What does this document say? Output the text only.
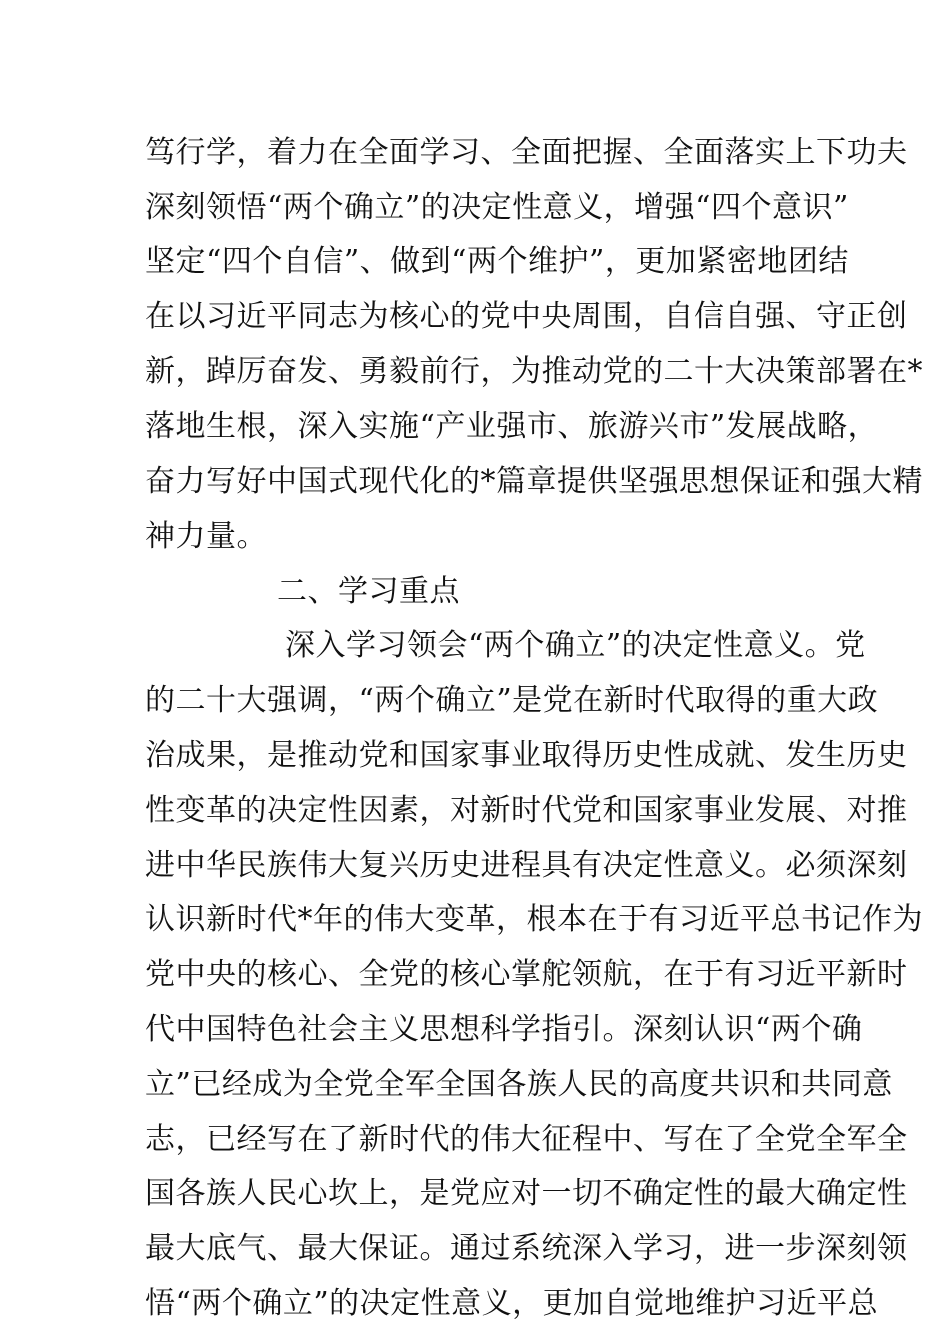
笃行学，着力在全面学习、全面把握、全面落实上下功夫
深刻领悟“两个确立”的决定性意义，增强“四个意识”
坚定“四个自信”、做到“两个维护”，更加紧密地团结
在以习近平同志为核心的党中央周围，自信自强、守正创
新，踔厉奋发、勇毅前行，为推动党的二十大决策部署在*
落地生根，深入实施“产业强市、旅游兴市”发展战略，
奋力写好中国式现代化的*篇章提供坚强思想保证和强大精
神力量。
二、学习重点
深入学习领会“两个确立”的决定性意义。党
的二十大强调，“两个确立”是党在新时代取得的重大政
治成果，是推动党和国家事业取得历史性成就、发生历史
性变革的决定性因素，对新时代党和国家事业发展、对推
进中华民族伟大复兴历史进程具有决定性意义。必须深刻
认识新时代*年的伟大变革，根本在于有习近平总书记作为
党中央的核心、全党的核心掌舵领航，在于有习近平新时
代中国特色社会主义思想科学指引。深刻认识“两个确
立”已经成为全党全军全国各族人民的高度共识和共同意
志，已经写在了新时代的伟大征程中、写在了全党全军全
国各族人民心坎上，是党应对一切不确定性的最大确定性
最大底气、最大保证。通过系统深入学习，进一步深刻领
悟“两个确立”的决定性意义，更加自觉地维护习近平总
